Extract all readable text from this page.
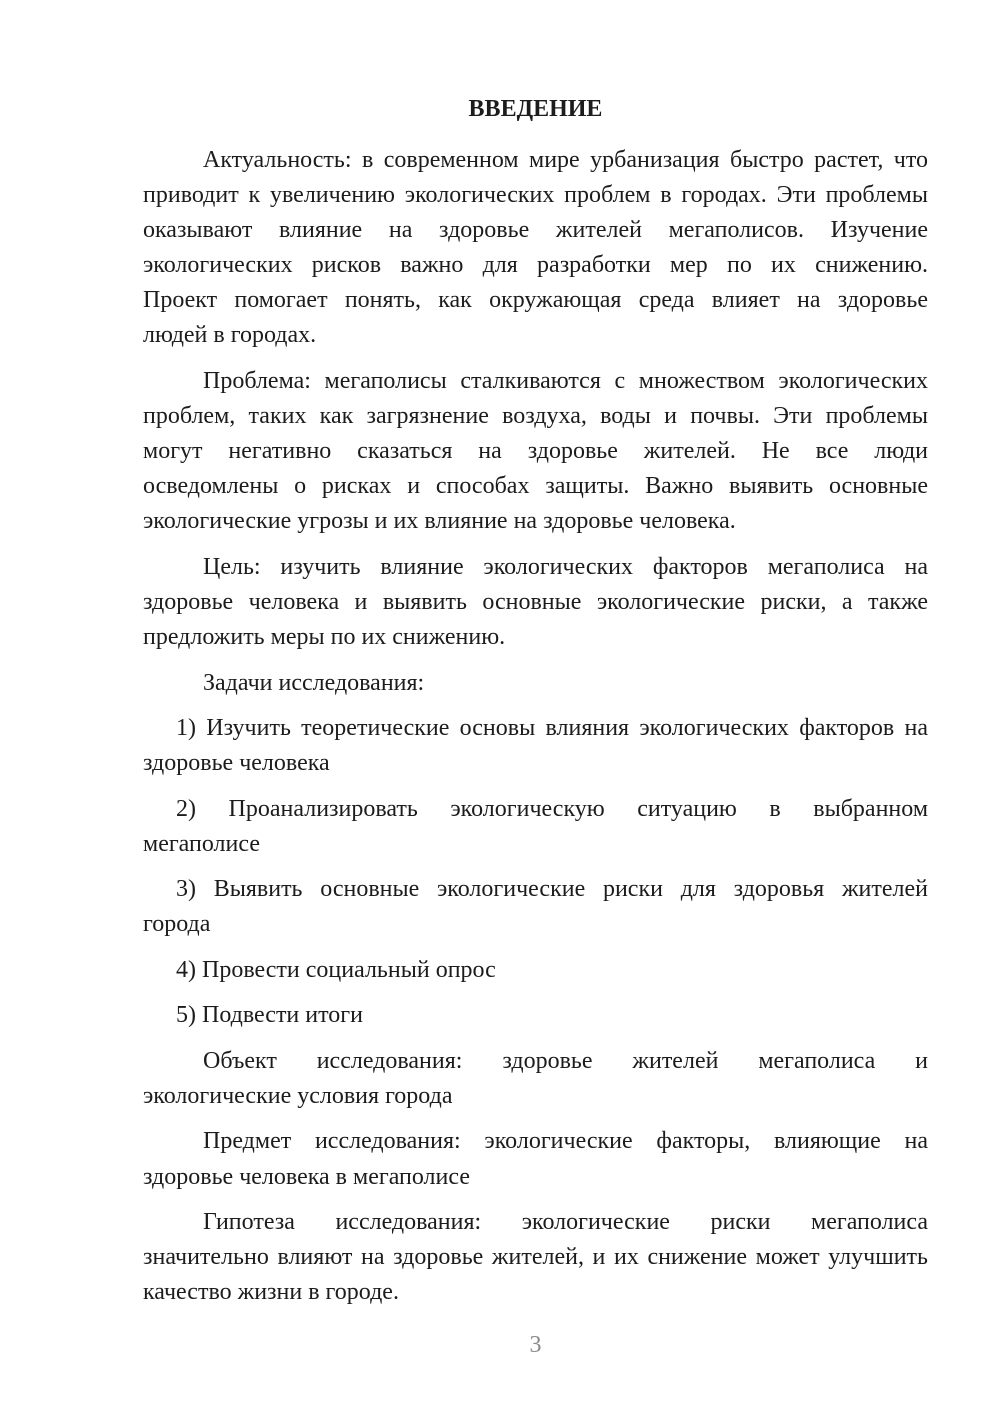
ВВЕДЕНИЕ
Актуальность: в современном мире урбанизация быстро растет, что
приводит к увеличению экологических проблем в городах. Эти проблемы
оказывают влияние на здоровье жителей мегаполисов. Изучение
экологических рисков важно для разработки мер по их снижению.
Проект помогает понять, как окружающая среда влияет на здоровье
людей в городах.
Проблема: мегаполисы сталкиваются с множеством экологических
проблем, таких как загрязнение воздуха, воды и почвы. Эти проблемы
могут негативно сказаться на здоровье жителей. Не все люди
осведомлены о рисках и способах защиты. Важно выявить основные
экологические угрозы и их влияние на здоровье человека.
Цель: изучить влияние экологических факторов мегаполиса на
здоровье человека и выявить основные экологические риски, а также
предложить меры по их снижению.
Задачи исследования:
1) Изучить теоретические основы влияния экологических факторов на
здоровье человека
2) Проанализировать экологическую ситуацию в выбранном
мегаполисе
3) Выявить основные экологические риски для здоровья жителей
города
4) Провести социальный опрос
5) Подвести итоги
Объект исследования: здоровье жителей мегаполиса и
экологические условия города
Предмет исследования: экологические факторы, влияющие на
здоровье человека в мегаполисе
Гипотеза исследования: экологические риски мегаполиса
значительно влияют на здоровье жителей, и их снижение может улучшить
качество жизни в городе.
3
